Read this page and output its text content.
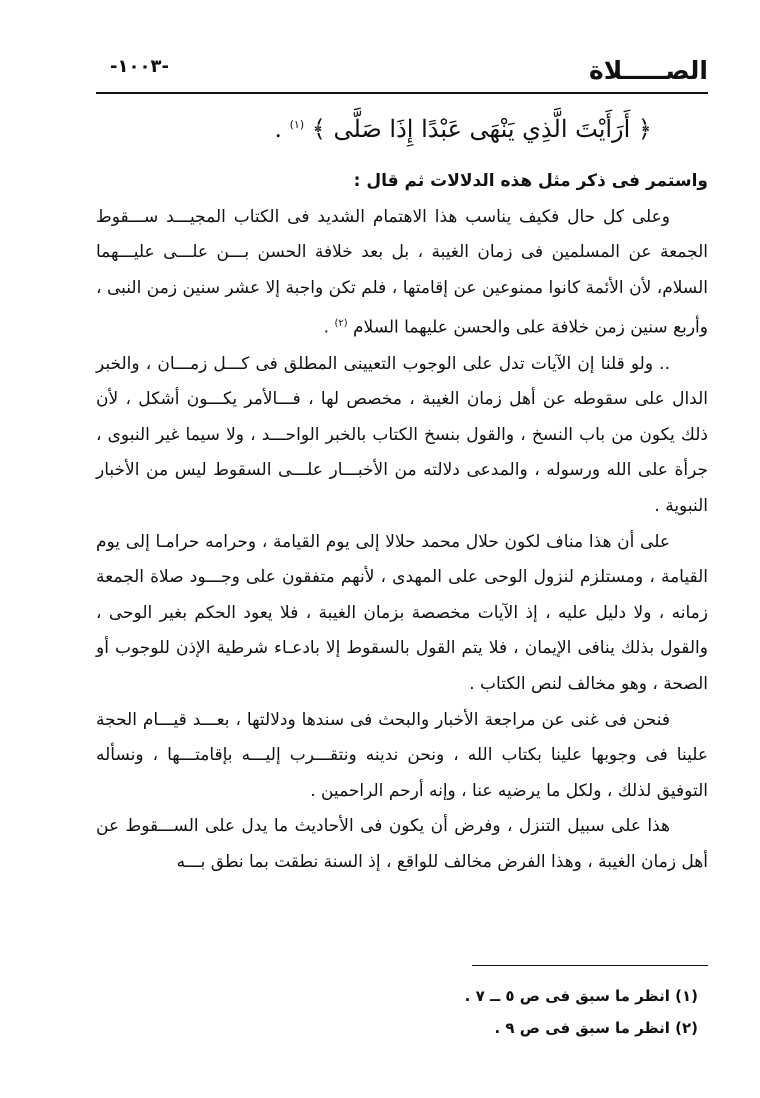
الصـــــلاة
-١٠٠٣-
﴿ أَرَأَيْتَ الَّذِي يَنْهَى عَبْدًا إِذَا صَلَّى ﴾ $^{(١)}$ .

واستمر فى ذكر مثل هذه الدلالات ثم قال :

وعلى كل حال فكيف يناسب هذا الاهتمام الشديد فى الكتاب المجيـــد ســـقوط الجمعة عن المسلمين فى زمان الغيبة ، بل بعد خلافة الحسن بـــن علـــى عليـــهما السلام، لأن الأئمة كانوا ممنوعين عن إقامتها ، فلم تكن واجبة إلا عشر سنين زمن النبى ، وأربع سنين زمن خلافة على والحسن عليهما السلام $^{(٢)}$ .

.. ولو قلنا إن الآيات تدل على الوجوب التعيينى المطلق فى كـــل زمـــان ، والخبر الدال على سقوطه عن أهل زمان الغيبة ، مخصص لها ، فـــالأمر يكـــون أشكل ، لأن ذلك يكون من باب النسخ ، والقول بنسخ الكتاب بالخبر الواحـــد ، ولا سيما غير النبوى ، جرأة على الله ورسوله ، والمدعى دلالته من الأخبـــار علـــى السقوط ليس من الأخبار النبوية .

على أن هذا مناف لكون حلال محمد حلالا إلى يوم القيامة ، وحرامه حرامـا إلى يوم القيامة ، ومستلزم لنزول الوحى على المهدى ، لأنهم متفقون على وجـــود صلاة الجمعة زمانه ، ولا دليل عليه ، إذ الآيات مخصصة بزمان الغيبة ، فلا يعود الحكم بغير الوحى ، والقول بذلك ينافى الإيمان ، فلا يتم القول بالسقوط إلا بادعـاء شرطية الإذن للوجوب أو الصحة ، وهو مخالف لنص الكتاب .

فنحن فى غنى عن مراجعة الأخبار والبحث فى سندها ودلالتها ، بعـــد قيـــام الحجة علينا فى وجوبها علينا بكتاب الله ، ونحن ندينه ونتقـــرب إليـــه بإقامتـــها ، ونسأله التوفيق لذلك ، ولكل ما يرضيه عنا ، وإنه أرحم الراحمين .

هذا على سبيل التنزل ، وفرض أن يكون فى الأحاديث ما يدل على الســـقوط عن أهل زمان الغيبة ، وهذا الفرض مخالف للواقع ، إذ السنة نطقت بما نطق بـــه

(١) انظر ما سبق فى ص ٥ ــ ٧ .
(٢) انظر ما سبق فى ص ٩ .
